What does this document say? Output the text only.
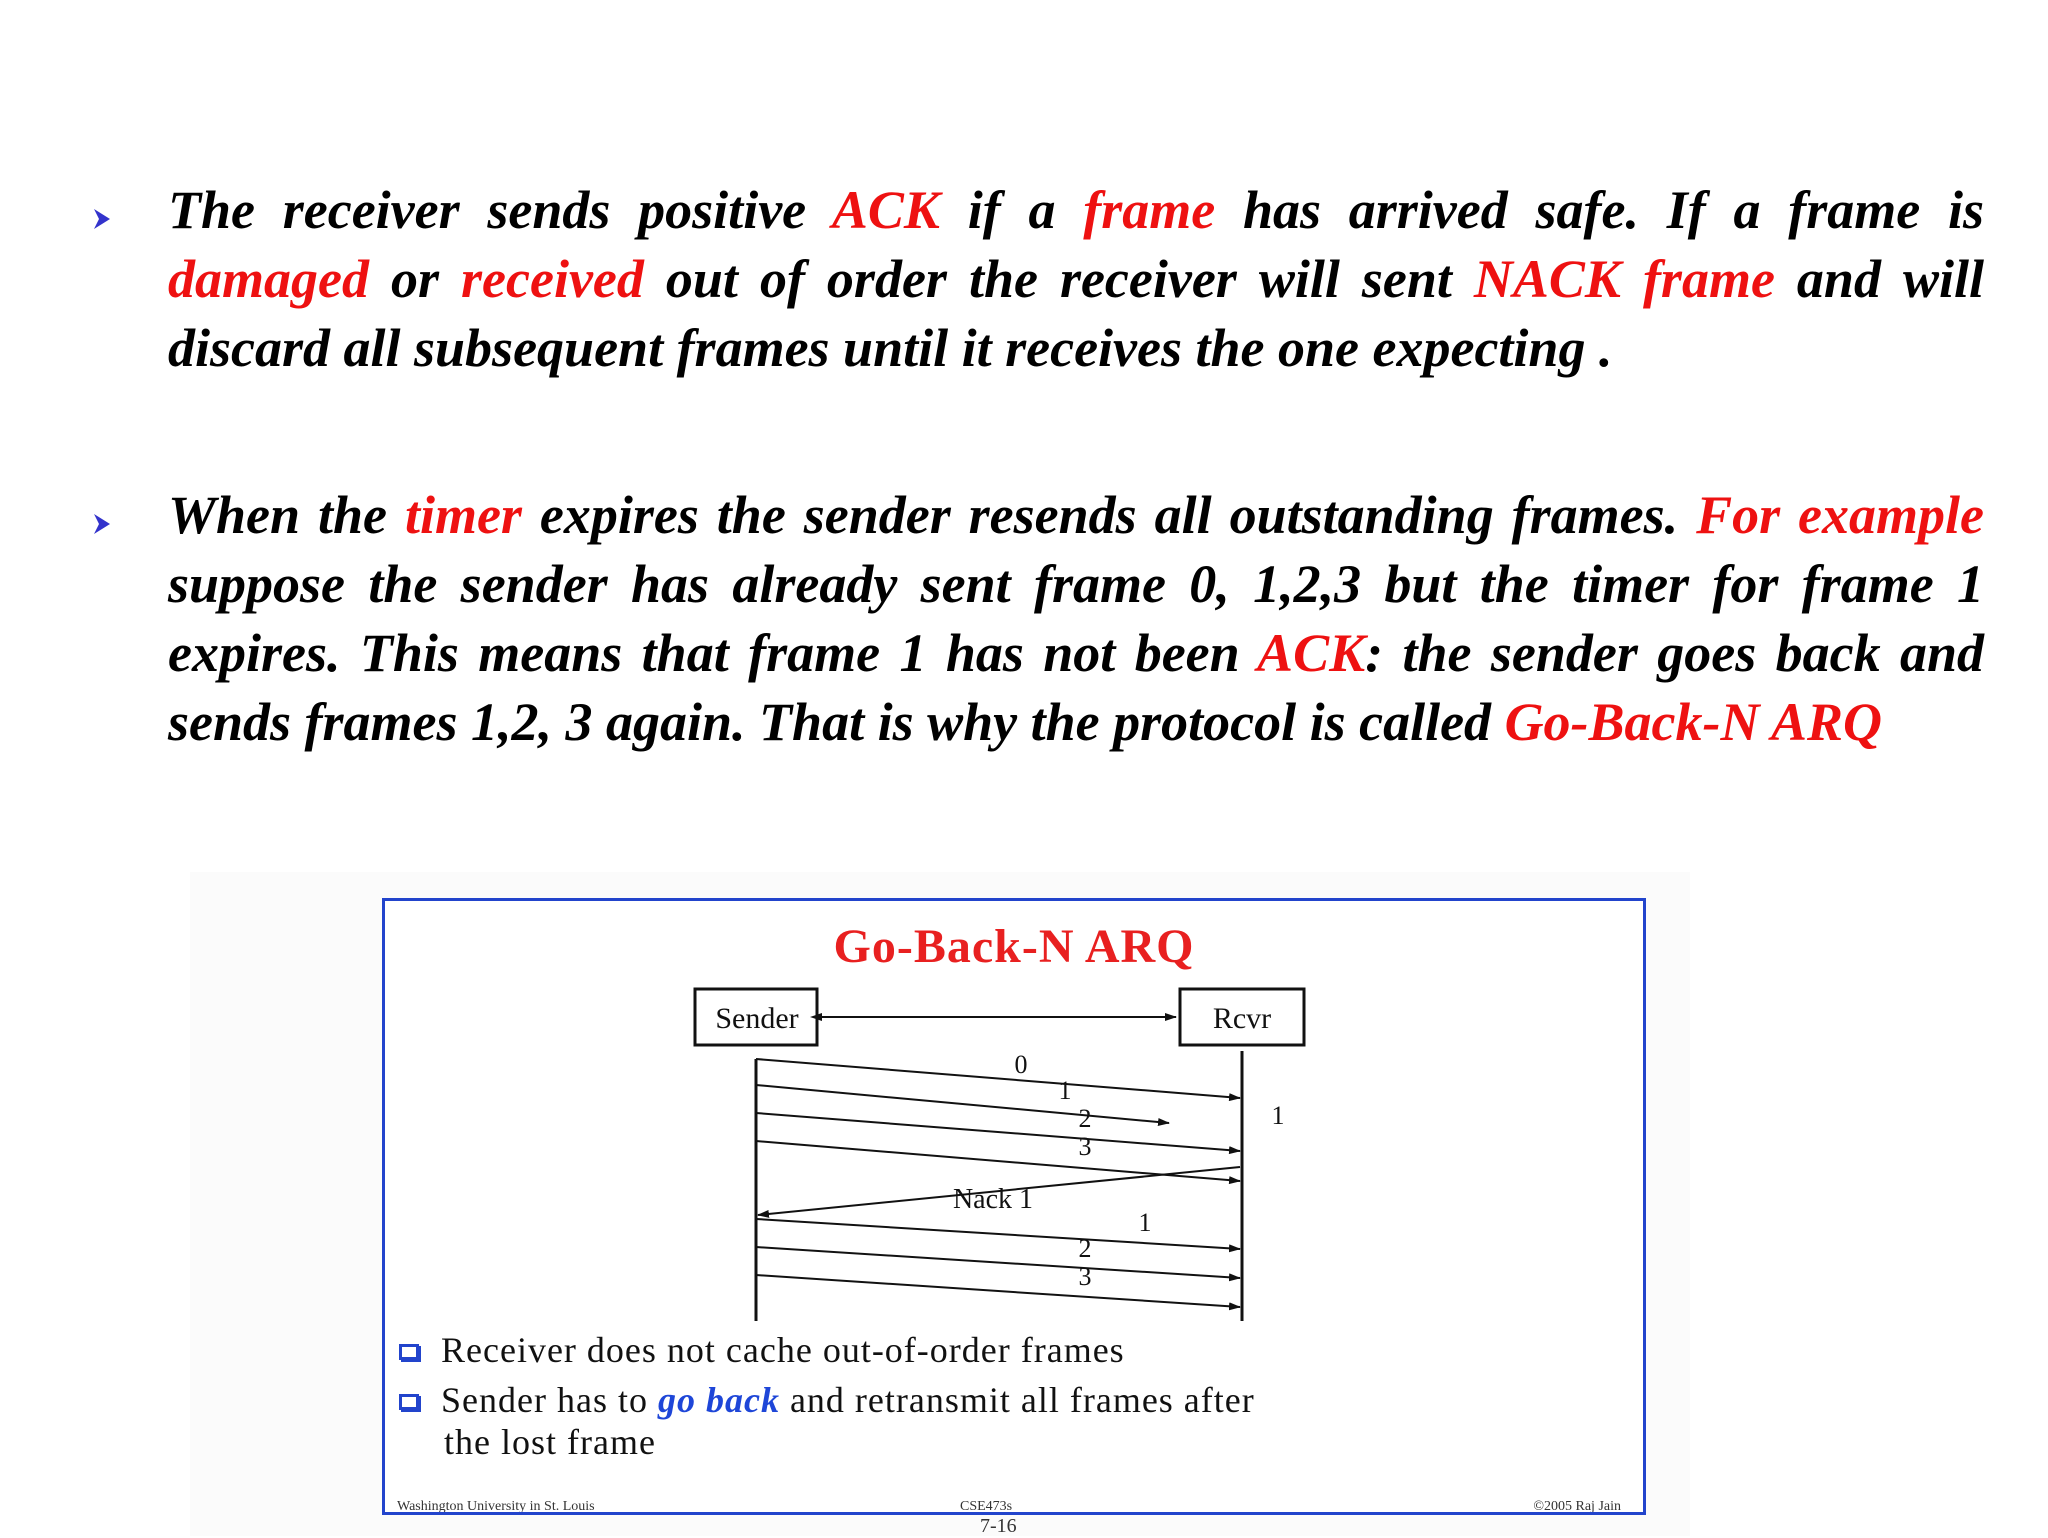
The receiver sends positive ACK if a frame has arrived safe. If a frame is damaged or received out of order the receiver will sent NACK frame and will discard all subsequent frames until it receives the one expecting .
When the timer expires the sender resends all outstanding frames. For example suppose the sender has already sent frame 0, 1,2,3 but the timer for frame 1 expires. This means that frame 1 has not been ACK: the sender goes back and sends frames 1,2, 3 again. That is why the protocol is called Go-Back-N ARQ
Go-Back-N ARQ
Sender	Rcvr
0
1
2
3
1
Nack 1
1
2
3
Receiver does not cache out-of-order frames
Sender has to go back and retransmit all frames after
the lost frame
Washington University in St. Louis	CSE473s	©2005 Raj Jain
7-16
